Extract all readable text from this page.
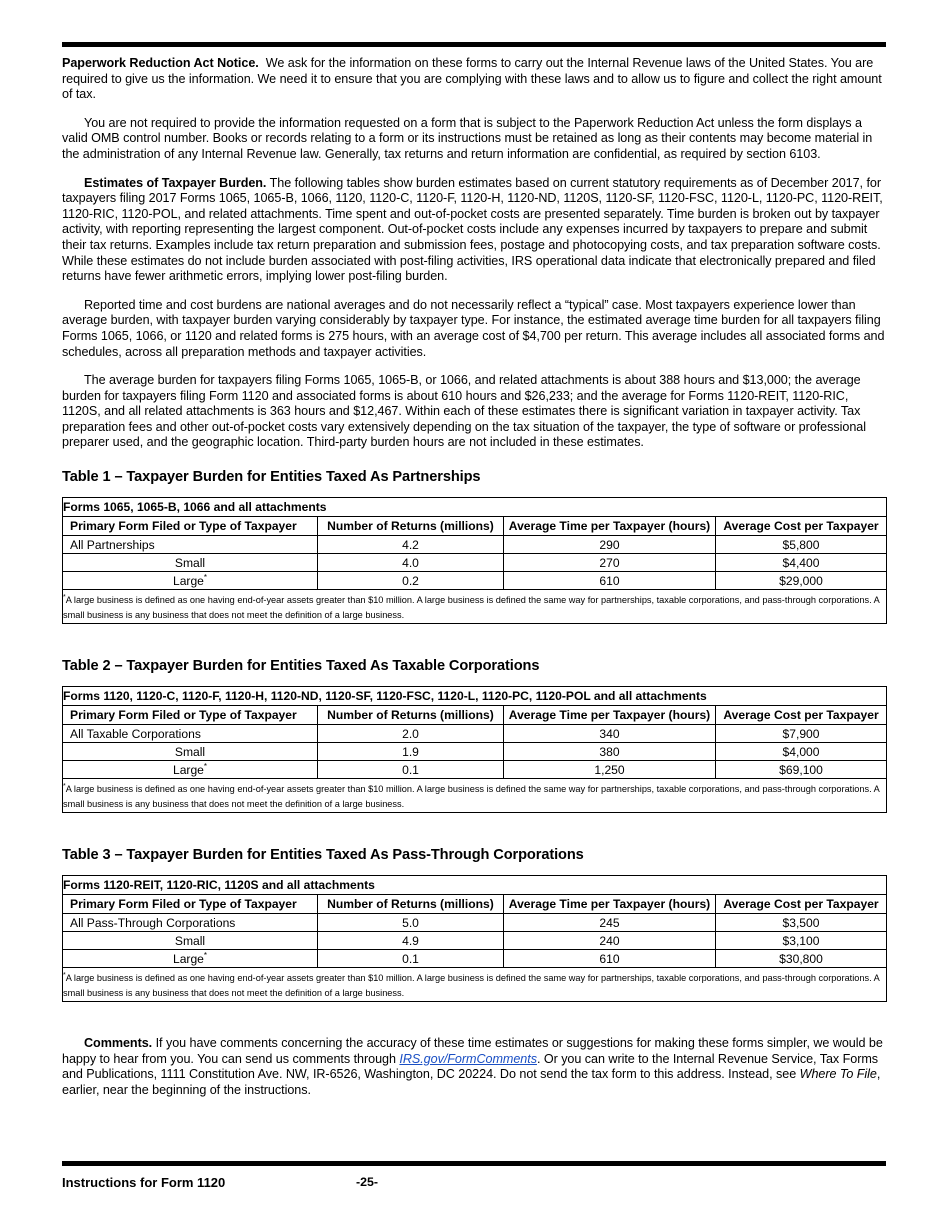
Paperwork Reduction Act Notice. We ask for the information on these forms to carry out the Internal Revenue laws of the United States. You are required to give us the information. We need it to ensure that you are complying with these laws and to allow us to figure and collect the right amount of tax.

You are not required to provide the information requested on a form that is subject to the Paperwork Reduction Act unless the form displays a valid OMB control number. Books or records relating to a form or its instructions must be retained as long as their contents may become material in the administration of any Internal Revenue law. Generally, tax returns and return information are confidential, as required by section 6103.

Estimates of Taxpayer Burden. The following tables show burden estimates based on current statutory requirements as of December 2017, for taxpayers filing 2017 Forms 1065, 1065-B, 1066, 1120, 1120-C, 1120-F, 1120-H, 1120-ND, 1120S, 1120-SF, 1120-FSC, 1120-L, 1120-PC, 1120-REIT, 1120-RIC, 1120-POL, and related attachments. Time spent and out-of-pocket costs are presented separately. Time burden is broken out by taxpayer activity, with reporting representing the largest component. Out-of-pocket costs include any expenses incurred by taxpayers to prepare and submit their tax returns. Examples include tax return preparation and submission fees, postage and photocopying costs, and tax preparation software costs. While these estimates do not include burden associated with post-filing activities, IRS operational data indicate that electronically prepared and filed returns have fewer arithmetic errors, implying lower post-filing burden.

Reported time and cost burdens are national averages and do not necessarily reflect a “typical” case. Most taxpayers experience lower than average burden, with taxpayer burden varying considerably by taxpayer type. For instance, the estimated average time burden for all taxpayers filing Forms 1065, 1066, or 1120 and related forms is 275 hours, with an average cost of $4,700 per return. This average includes all associated forms and schedules, across all preparation methods and taxpayer activities.

The average burden for taxpayers filing Forms 1065, 1065-B, or 1066, and related attachments is about 388 hours and $13,000; the average burden for taxpayers filing Form 1120 and associated forms is about 610 hours and $26,233; and the average for Forms 1120-REIT, 1120-RIC, 1120S, and all related attachments is 363 hours and $12,467. Within each of these estimates there is significant variation in taxpayer activity. Tax preparation fees and other out-of-pocket costs vary extensively depending on the tax situation of the taxpayer, the type of software or professional preparer used, and the geographic location. Third-party burden hours are not included in these estimates.

Table 1 – Taxpayer Burden for Entities Taxed As Partnerships
Forms 1065, 1065-B, 1066 and all attachments			
Primary Form Filed or Type of Taxpayer	Number of Returns (millions)	Average Time per Taxpayer (hours)	Average Cost per Taxpayer
All Partnerships	4.2	290	$5,800
Small	4.0	270	$4,400
Large*	0.2	610	$29,000
*A large business is defined as one having end-of-year assets greater than $10 million. A large business is defined the same way for partnerships, taxable corporations, and pass-through corporations. A small business is any business that does not meet the definition of a large business.			
Table 2 – Taxpayer Burden for Entities Taxed As Taxable Corporations
Forms 1120, 1120-C, 1120-F, 1120-H, 1120-ND, 1120-SF, 1120-FSC, 1120-L, 1120-PC, 1120-POL and all attachments			
Primary Form Filed or Type of Taxpayer	Number of Returns (millions)	Average Time per Taxpayer (hours)	Average Cost per Taxpayer
All Taxable Corporations	2.0	340	$7,900
Small	1.9	380	$4,000
Large*	0.1	1,250	$69,100
*A large business is defined as one having end-of-year assets greater than $10 million. A large business is defined the same way for partnerships, taxable corporations, and pass-through corporations. A small business is any business that does not meet the definition of a large business.			
Table 3 – Taxpayer Burden for Entities Taxed As Pass-Through Corporations
Forms 1120-REIT, 1120-RIC, 1120S and all attachments			
Primary Form Filed or Type of Taxpayer	Number of Returns (millions)	Average Time per Taxpayer (hours)	Average Cost per Taxpayer
All Pass-Through Corporations	5.0	245	$3,500
Small	4.9	240	$3,100
Large*	0.1	610	$30,800
*A large business is defined as one having end-of-year assets greater than $10 million. A large business is defined the same way for partnerships, taxable corporations, and pass-through corporations. A small business is any business that does not meet the definition of a large business.			

Comments. If you have comments concerning the accuracy of these time estimates or suggestions for making these forms simpler, we would be happy to hear from you. You can send us comments through IRS.gov/FormComments. Or you can write to the Internal Revenue Service, Tax Forms and Publications, 1111 Constitution Ave. NW, IR-6526, Washington, DC 20224. Do not send the tax form to this address. Instead, see Where To File, earlier, near the beginning of the instructions.

Instructions for Form 1120	-25-
